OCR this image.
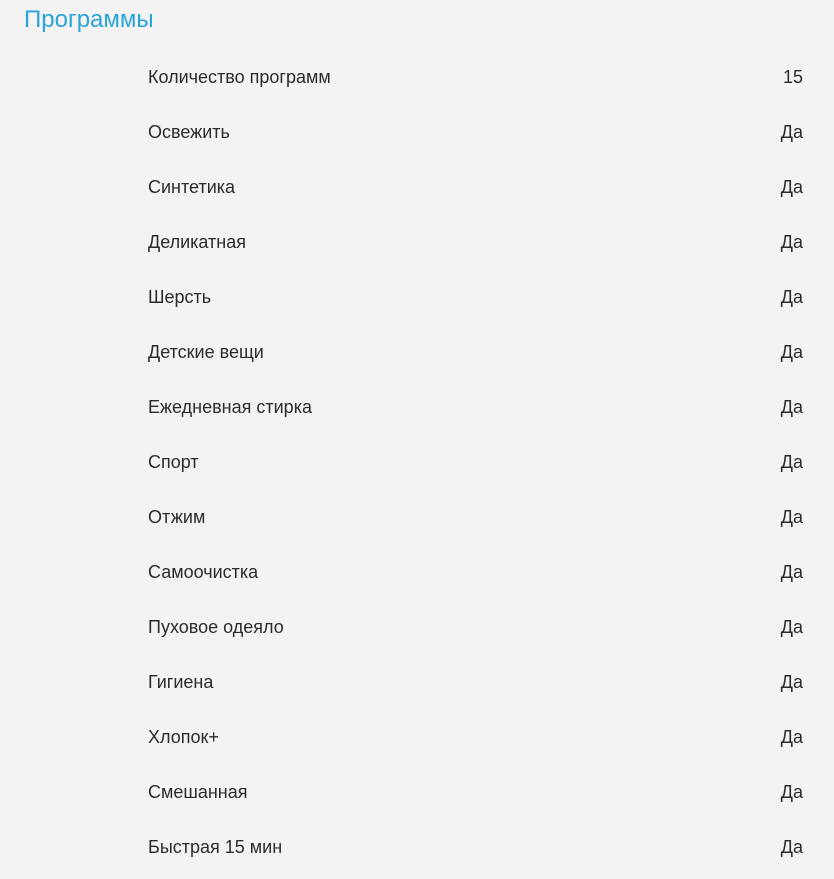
Программы
Количество программ	15
Освежить	Да
Синтетика	Да
Деликатная	Да
Шерсть	Да
Детские вещи	Да
Ежедневная стирка	Да
Спорт	Да
Отжим	Да
Самоочистка	Да
Пуховое одеяло	Да
Гигиена	Да
Хлопок+	Да
Смешанная	Да
Быстрая 15 мин	Да
